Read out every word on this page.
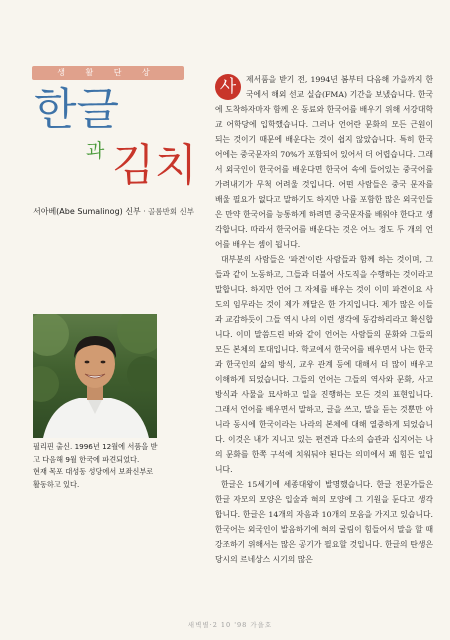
생 활 단 상
한글
과 김치
서아베(Abe Sumalinog) 신부 · 골롬반회 신부

필리핀 출신. 1996년 12월에 서품을 받

고 다음해 9월 한국에 파견되었다.

현재 목포 대성동 성당에서 보좌신부로

활동하고 있다.

사	제서품을 받기 전, 1994년 봄부터 다음해 가을까지 한국에서 해외 선교 실습(FMA) 기간을 보냈습니다. 한국에 도착하자마자 함께 온 동료와 한국어를 배우기 위해 서강대학교 어학당에 입학했습니다. 그러나 언어란 문화의 모든 근원이 되는 것이기 때문에 배운다는 것이 쉽지 않았습니다. 특히 한국어에는 중국문자의 70%가 포함되어 있어서 더 어렵습니다. 그래서 외국인이 한국어를 배운다면 한국어 속에 들어있는 중국어를 가려내기가 무척 어려울 것입니다. 어떤 사람들은 중국 문자를 배울 필요가 없다고 말하기도 하지만 나를 포함한 많은 외국인들은 만약 한국어를 능통하게 하려면 중국문자를 배워야 한다고 생각합니다. 따라서 한국어를 배운다는 것은 어느 정도 두 개의 언어를 배우는 셈이 됩니다.

대부분의 사람들은 '파견'이란 사람들과 함께 하는 것이며, 그들과 같이 노동하고, 그들과 더불어 사도직을 수행하는 것이라고 말합니다. 하지만 언어 그 자체를 배우는 것이 이미 파견이요 사도의 임무라는 것이 제가 깨달은 한 가지입니다. 제가 많은 이들과 교감하듯이 그들 역시 나의 이런 생각에 동감하리라고 확신합니다. 이미 말씀드린 바와 같이 언어는 사람들의 문화와 그들의 모든 본체의 토대입니다. 학교에서 한국어를 배우면서 나는 한국과 한국인의 삶의 방식, 교우 관계 등에 대해서 더 많이 배우고 이해하게 되었습니다. 그들의 언어는 그들의 역사와 문화, 사고방식과 사물을 묘사하고 일을 진행하는 모든 것의 표현입니다. 그래서 언어를 배우면서 말하고, 글을 쓰고, 말을 듣는 것뿐만 아니라 동시에 한국이라는 나라의 본체에 대해 열중하게 되었습니다. 이것은 내가 지니고 있는 편견과 다소의 습관과 십지어는 나의 문화를 한쪽 구석에 치워둬야 된다는 의미에서 꽤 힘든 일입니다.

한글은 15세기에 세종대왕이 발명했습니다. 한글 전문가들은 한글 자모의 모양은 입술과 혀의 모양에 그 기원을 둔다고 생각합니다. 한글은 14개의 자음과 10개의 모음을 가지고 있습니다. 한국어는 외국인이 발음하기에 혀의 굴림이 힘들어서 말을 할 때 강조하기 위해서는 많은 공기가 필요할 것입니다. 한글의 탄생은 당시의 르네상스 시기의 많은

새벽별·2 10 '98 가을호
